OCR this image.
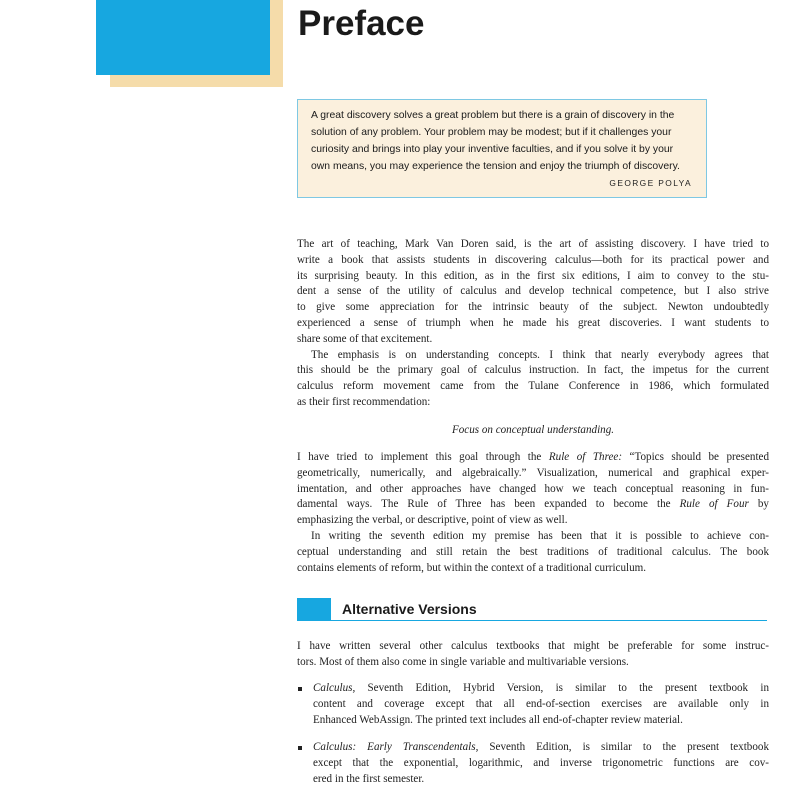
Preface

A great discovery solves a great problem but there is a grain of discovery in the

solution of any problem. Your problem may be modest; but if it challenges your

curiosity and brings into play your inventive faculties, and if you solve it by your

own means, you may experience the tension and enjoy the triumph of discovery.

GEORGE POLYA

The art of teaching, Mark Van Doren said, is the art of assisting discovery. I have tried to
write a book that assists students in discovering calculus—both for its practical power and
its surprising beauty. In this edition, as in the first six editions, I aim to convey to the stu-
dent a sense of the utility of calculus and develop technical competence, but I also strive
to give some appreciation for the intrinsic beauty of the subject. Newton undoubtedly
experienced a sense of triumph when he made his great discoveries. I want students to
share some of that excitement.

The emphasis is on understanding concepts. I think that nearly everybody agrees that
this should be the primary goal of calculus instruction. In fact, the impetus for the current
calculus reform movement came from the Tulane Conference in 1986, which formulated
as their first recommendation:

Focus on conceptual understanding.

I have tried to implement this goal through the Rule of Three: “Topics should be presented
geometrically, numerically, and algebraically.” Visualization, numerical and graphical exper-
imentation, and other approaches have changed how we teach conceptual reasoning in fun-
damental ways. The Rule of Three has been expanded to become the Rule of Four by
emphasizing the verbal, or descriptive, point of view as well.

In writing the seventh edition my premise has been that it is possible to achieve con-
ceptual understanding and still retain the best traditions of traditional calculus. The book
contains elements of reform, but within the context of a traditional curriculum.

Alternative Versions

I have written several other calculus textbooks that might be preferable for some instruc-
tors. Most of them also come in single variable and multivariable versions.

Calculus, Seventh Edition, Hybrid Version, is similar to the present textbook in
content and coverage except that all end-of-section exercises are available only in
Enhanced WebAssign. The printed text includes all end-of-chapter review material.
Calculus: Early Transcendentals, Seventh Edition, is similar to the present textbook
except that the exponential, logarithmic, and inverse trigonometric functions are cov-
ered in the first semester.
